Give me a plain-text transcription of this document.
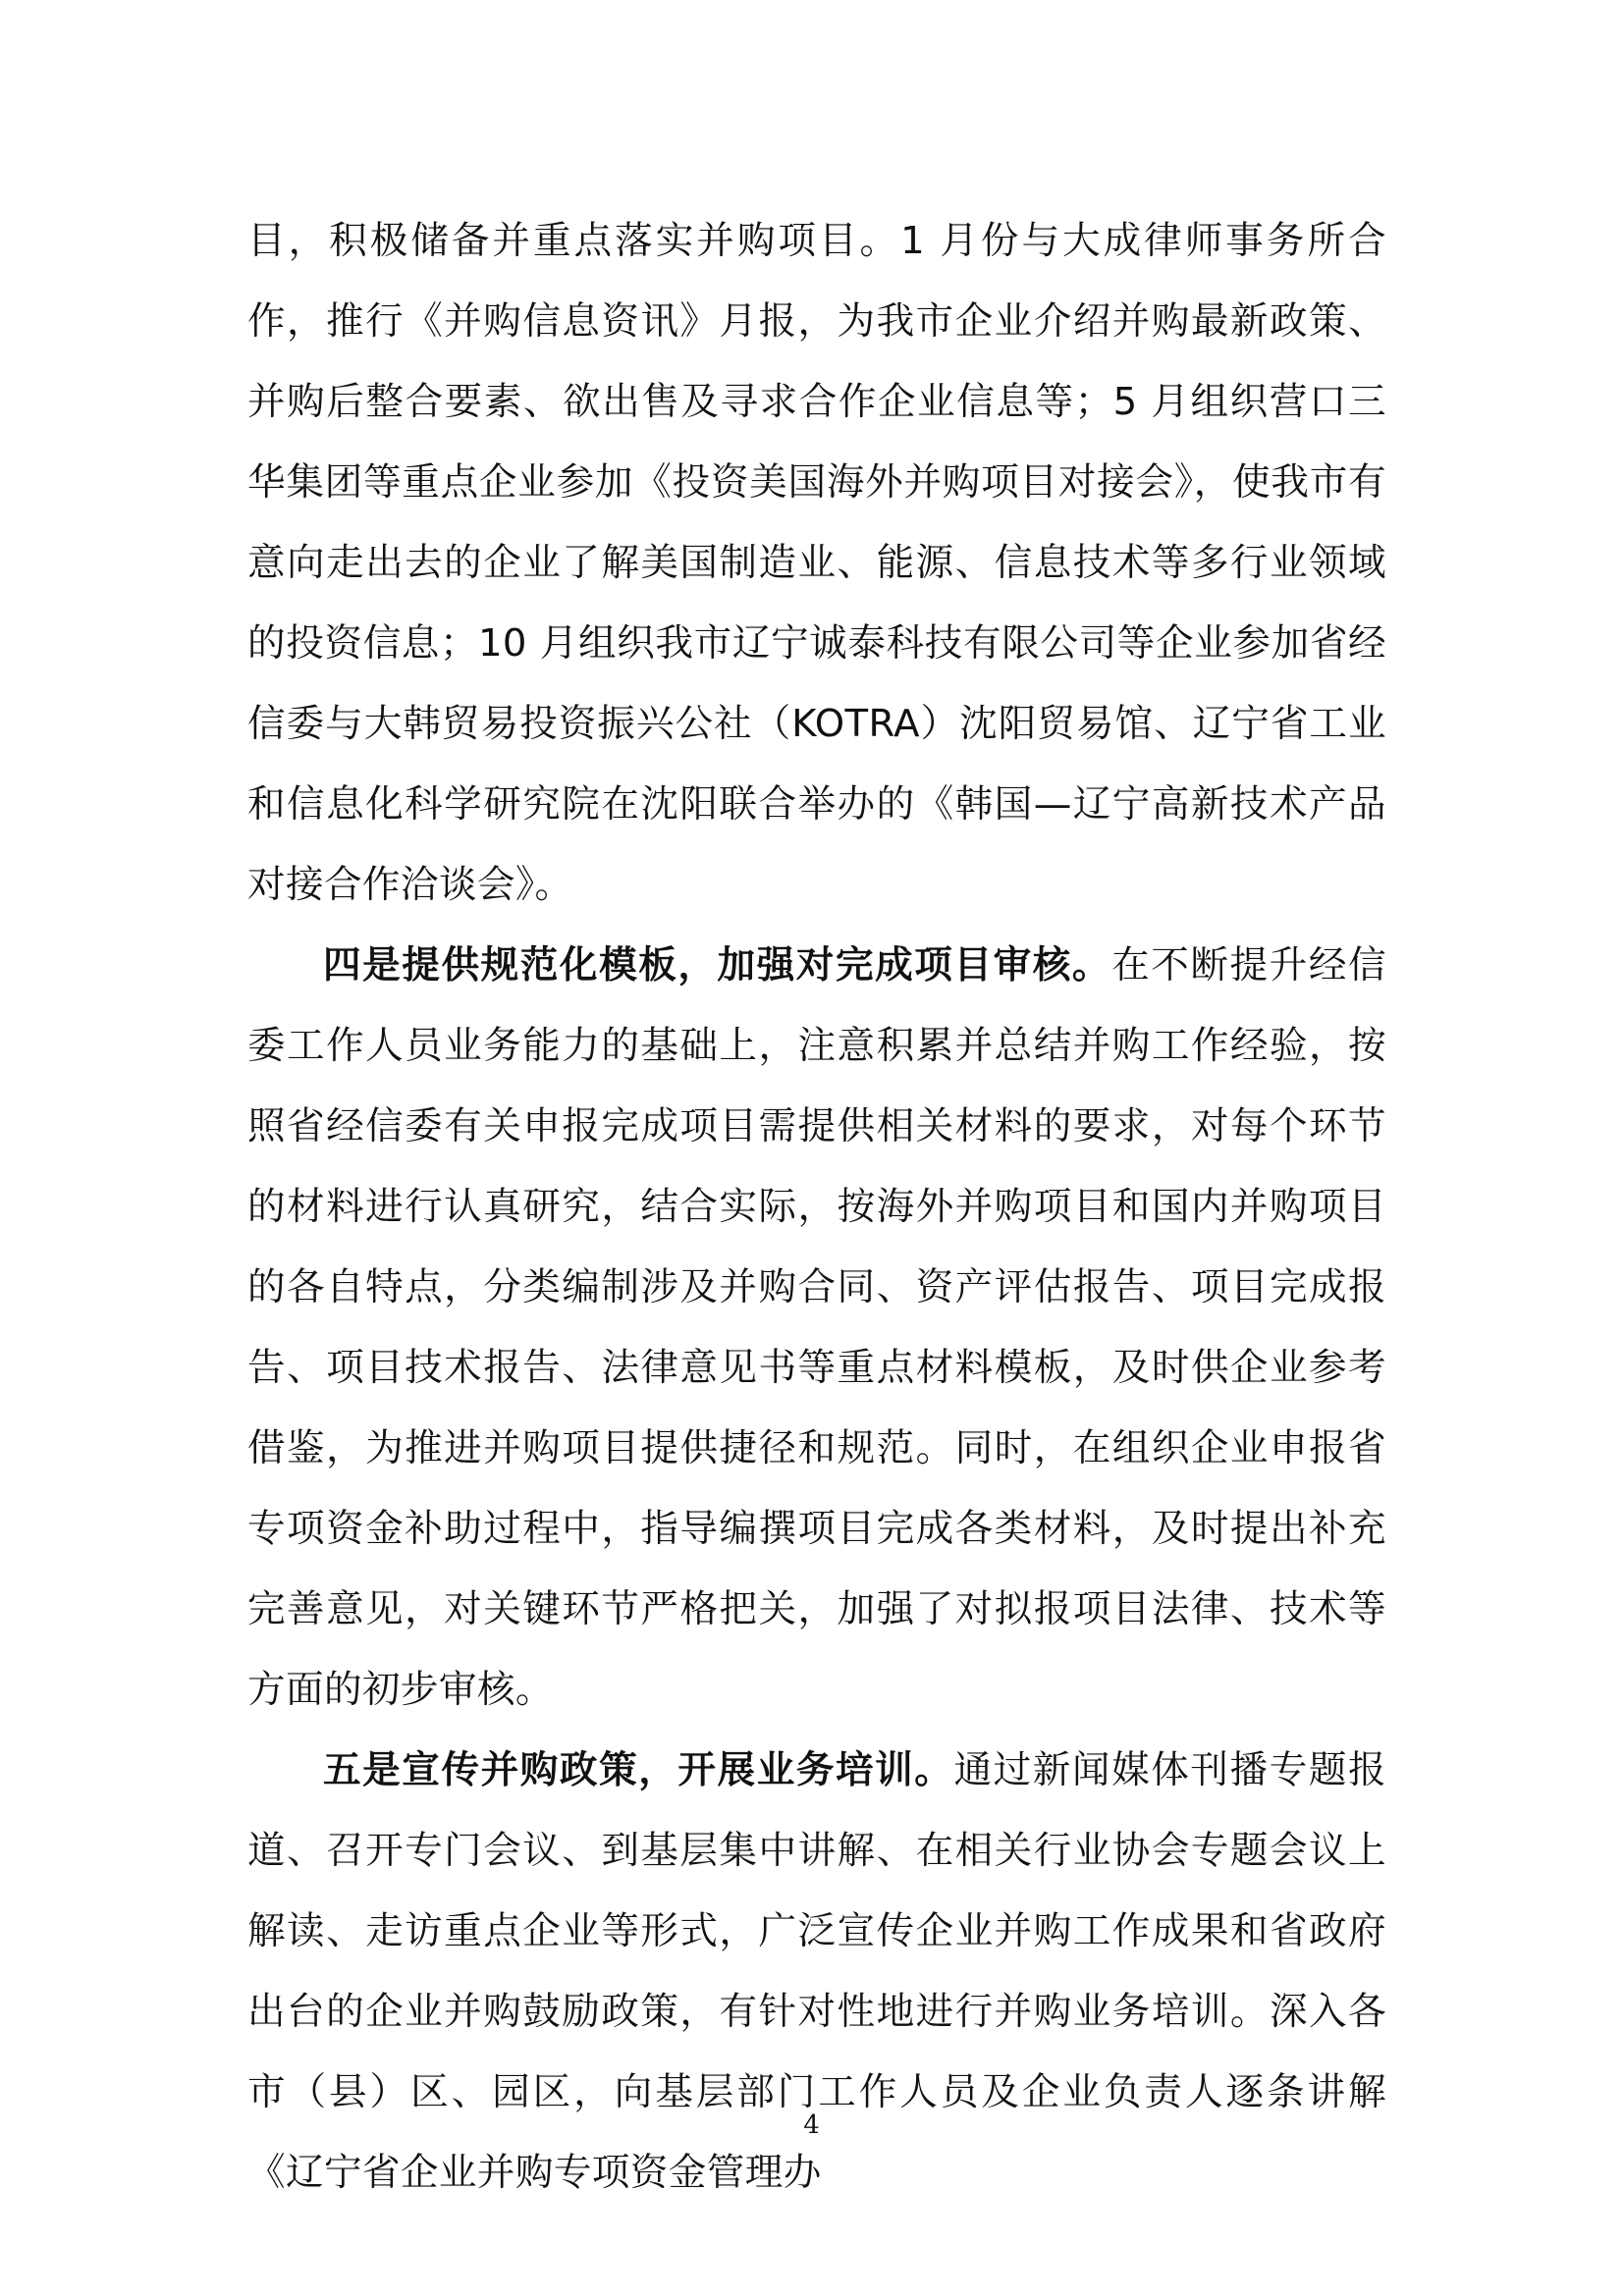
目，积极储备并重点落实并购项目。1 月份与大成律师事务所合作，推行《并购信息资讯》月报，为我市企业介绍并购最新政策、并购后整合要素、欲出售及寻求合作企业信息等；5 月组织营口三华集团等重点企业参加《投资美国海外并购项目对接会》，使我市有意向走出去的企业了解美国制造业、能源、信息技术等多行业领域的投资信息；10 月组织我市辽宁诚泰科技有限公司等企业参加省经信委与大韩贸易投资振兴公社（KOTRA）沈阳贸易馆、辽宁省工业和信息化科学研究院在沈阳联合举办的《韩国—辽宁高新技术产品对接合作洽谈会》。

四是提供规范化模板，加强对完成项目审核。在不断提升经信委工作人员业务能力的基础上，注意积累并总结并购工作经验，按照省经信委有关申报完成项目需提供相关材料的要求，对每个环节的材料进行认真研究，结合实际，按海外并购项目和国内并购项目的各自特点，分类编制涉及并购合同、资产评估报告、项目完成报告、项目技术报告、法律意见书等重点材料模板，及时供企业参考借鉴，为推进并购项目提供捷径和规范。同时，在组织企业申报省专项资金补助过程中，指导编撰项目完成各类材料，及时提出补充完善意见，对关键环节严格把关，加强了对拟报项目法律、技术等方面的初步审核。

五是宣传并购政策，开展业务培训。通过新闻媒体刊播专题报道、召开专门会议、到基层集中讲解、在相关行业协会专题会议上解读、走访重点企业等形式，广泛宣传企业并购工作成果和省政府出台的企业并购鼓励政策，有针对性地进行并购业务培训。深入各市（县）区、园区，向基层部门工作人员及企业负责人逐条讲解《辽宁省企业并购专项资金管理办

4
